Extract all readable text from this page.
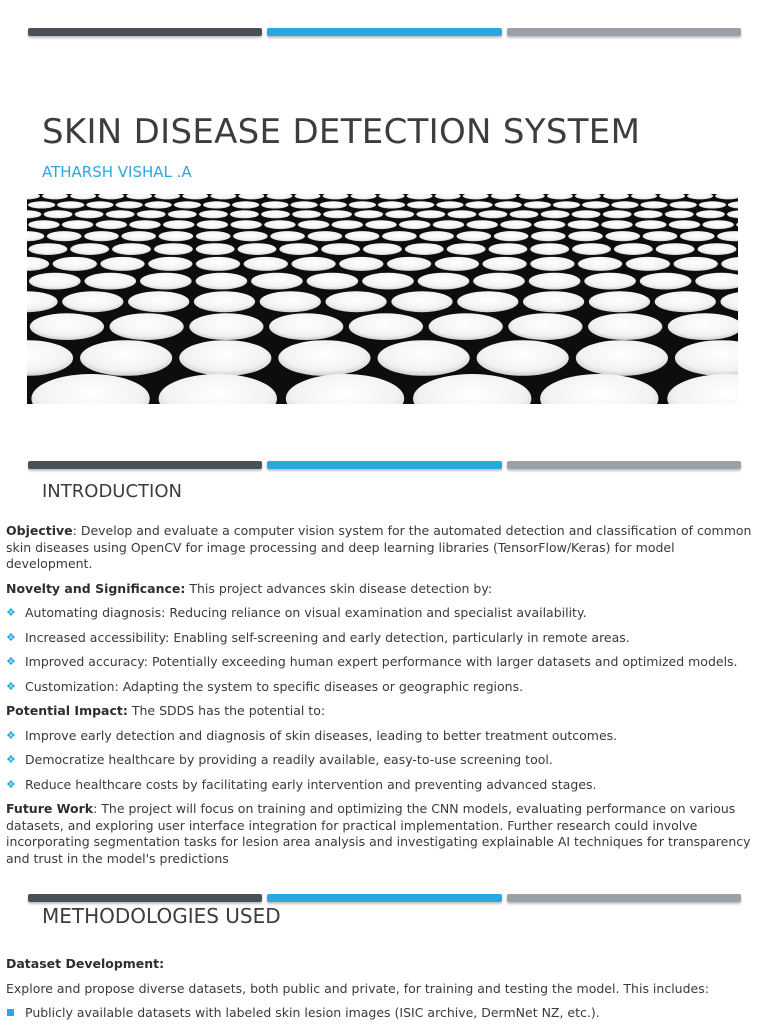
SKIN DISEASE DETECTION SYSTEM
ATHARSH VISHAL .A
INTRODUCTION

Objective: Develop and evaluate a computer vision system for the automated detection and classification of common skin diseases using OpenCV for image processing and deep learning libraries (TensorFlow/Keras) for model development.

Novelty and Significance: This project advances skin disease detection by:

❖ Automating diagnosis: Reducing reliance on visual examination and specialist availability.
❖ Increased accessibility: Enabling self-screening and early detection, particularly in remote areas.
❖ Improved accuracy: Potentially exceeding human expert performance with larger datasets and optimized models.
❖ Customization: Adapting the system to specific diseases or geographic regions.

Potential Impact: The SDDS has the potential to:

❖ Improve early detection and diagnosis of skin diseases, leading to better treatment outcomes.
❖ Democratize healthcare by providing a readily available, easy-to-use screening tool.
❖ Reduce healthcare costs by facilitating early intervention and preventing advanced stages.

Future Work: The project will focus on training and optimizing the CNN models, evaluating performance on various datasets, and exploring user interface integration for practical implementation. Further research could involve incorporating segmentation tasks for lesion area analysis and investigating explainable AI techniques for transparency and trust in the model's predictions

METHODOLOGIES USED

Dataset Development:

Explore and propose diverse datasets, both public and private, for training and testing the model. This includes:

Publicly available datasets with labeled skin lesion images (ISIC archive, DermNet NZ, etc.).
